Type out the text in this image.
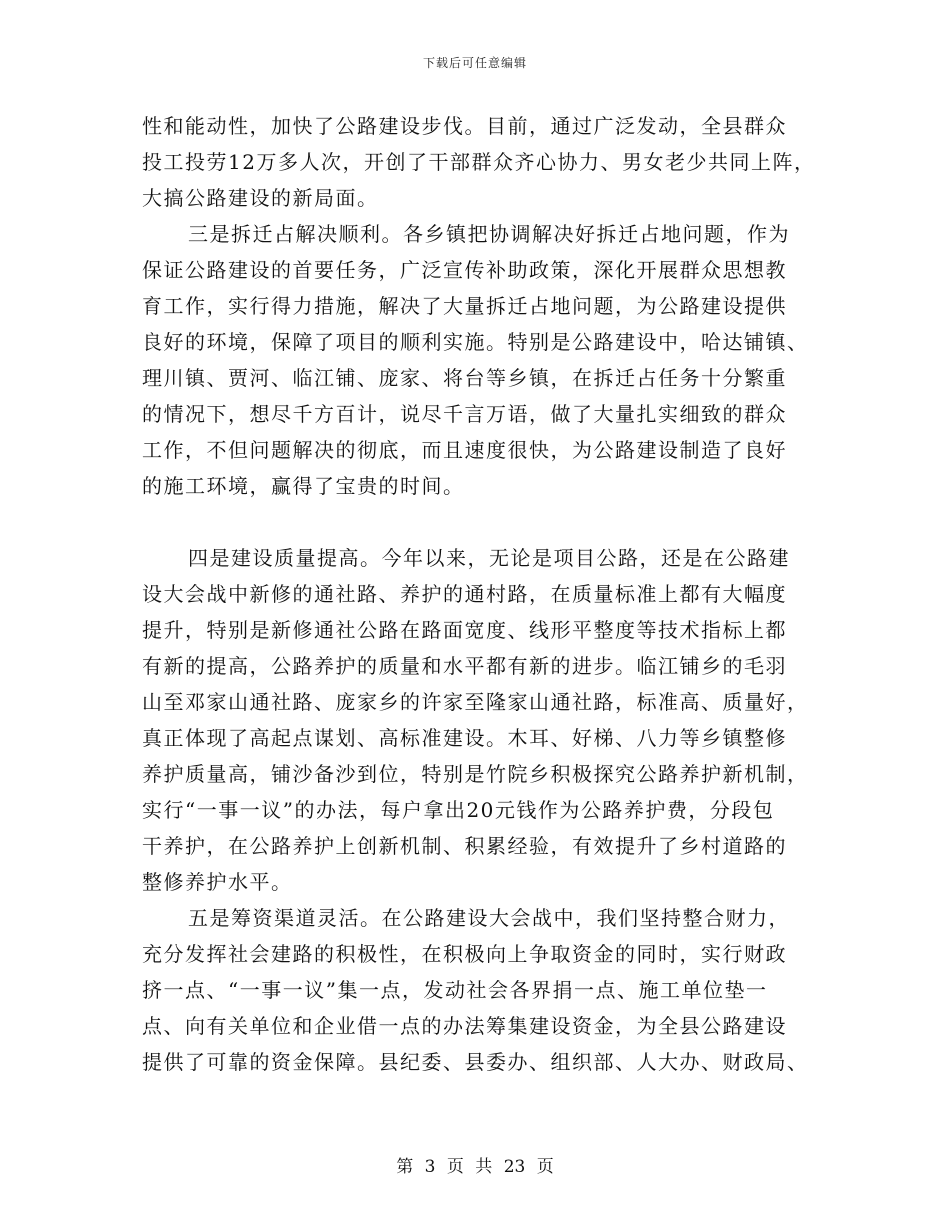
下载后可任意编辑
性和能动性，加快了公路建设步伐。目前，通过广泛发动，全县群众
投工投劳12万多人次，开创了干部群众齐心协力、男女老少共同上阵，
大搞公路建设的新局面。
三是拆迁占解决顺利。各乡镇把协调解决好拆迁占地问题，作为
保证公路建设的首要任务，广泛宣传补助政策，深化开展群众思想教
育工作，实行得力措施，解决了大量拆迁占地问题，为公路建设提供
良好的环境，保障了项目的顺利实施。特别是公路建设中，哈达铺镇、
理川镇、贾河、临江铺、庞家、将台等乡镇，在拆迁占任务十分繁重
的情况下，想尽千方百计，说尽千言万语，做了大量扎实细致的群众
工作，不但问题解决的彻底，而且速度很快，为公路建设制造了良好
的施工环境，赢得了宝贵的时间。
四是建设质量提高。今年以来，无论是项目公路，还是在公路建
设大会战中新修的通社路、养护的通村路，在质量标准上都有大幅度
提升，特别是新修通社公路在路面宽度、线形平整度等技术指标上都
有新的提高，公路养护的质量和水平都有新的进步。临江铺乡的毛羽
山至邓家山通社路、庞家乡的许家至隆家山通社路，标准高、质量好，
真正体现了高起点谋划、高标准建设。木耳、好梯、八力等乡镇整修
养护质量高，铺沙备沙到位，特别是竹院乡积极探究公路养护新机制，
实行“一事一议”的办法，每户拿出20元钱作为公路养护费，分段包
干养护，在公路养护上创新机制、积累经验，有效提升了乡村道路的
整修养护水平。
五是筹资渠道灵活。在公路建设大会战中，我们坚持整合财力，
充分发挥社会建路的积极性，在积极向上争取资金的同时，实行财政
挤一点、“一事一议”集一点，发动社会各界捐一点、施工单位垫一
点、向有关单位和企业借一点的办法筹集建设资金，为全县公路建设
提供了可靠的资金保障。县纪委、县委办、组织部、人大办、财政局、
第 3 页 共 23 页
